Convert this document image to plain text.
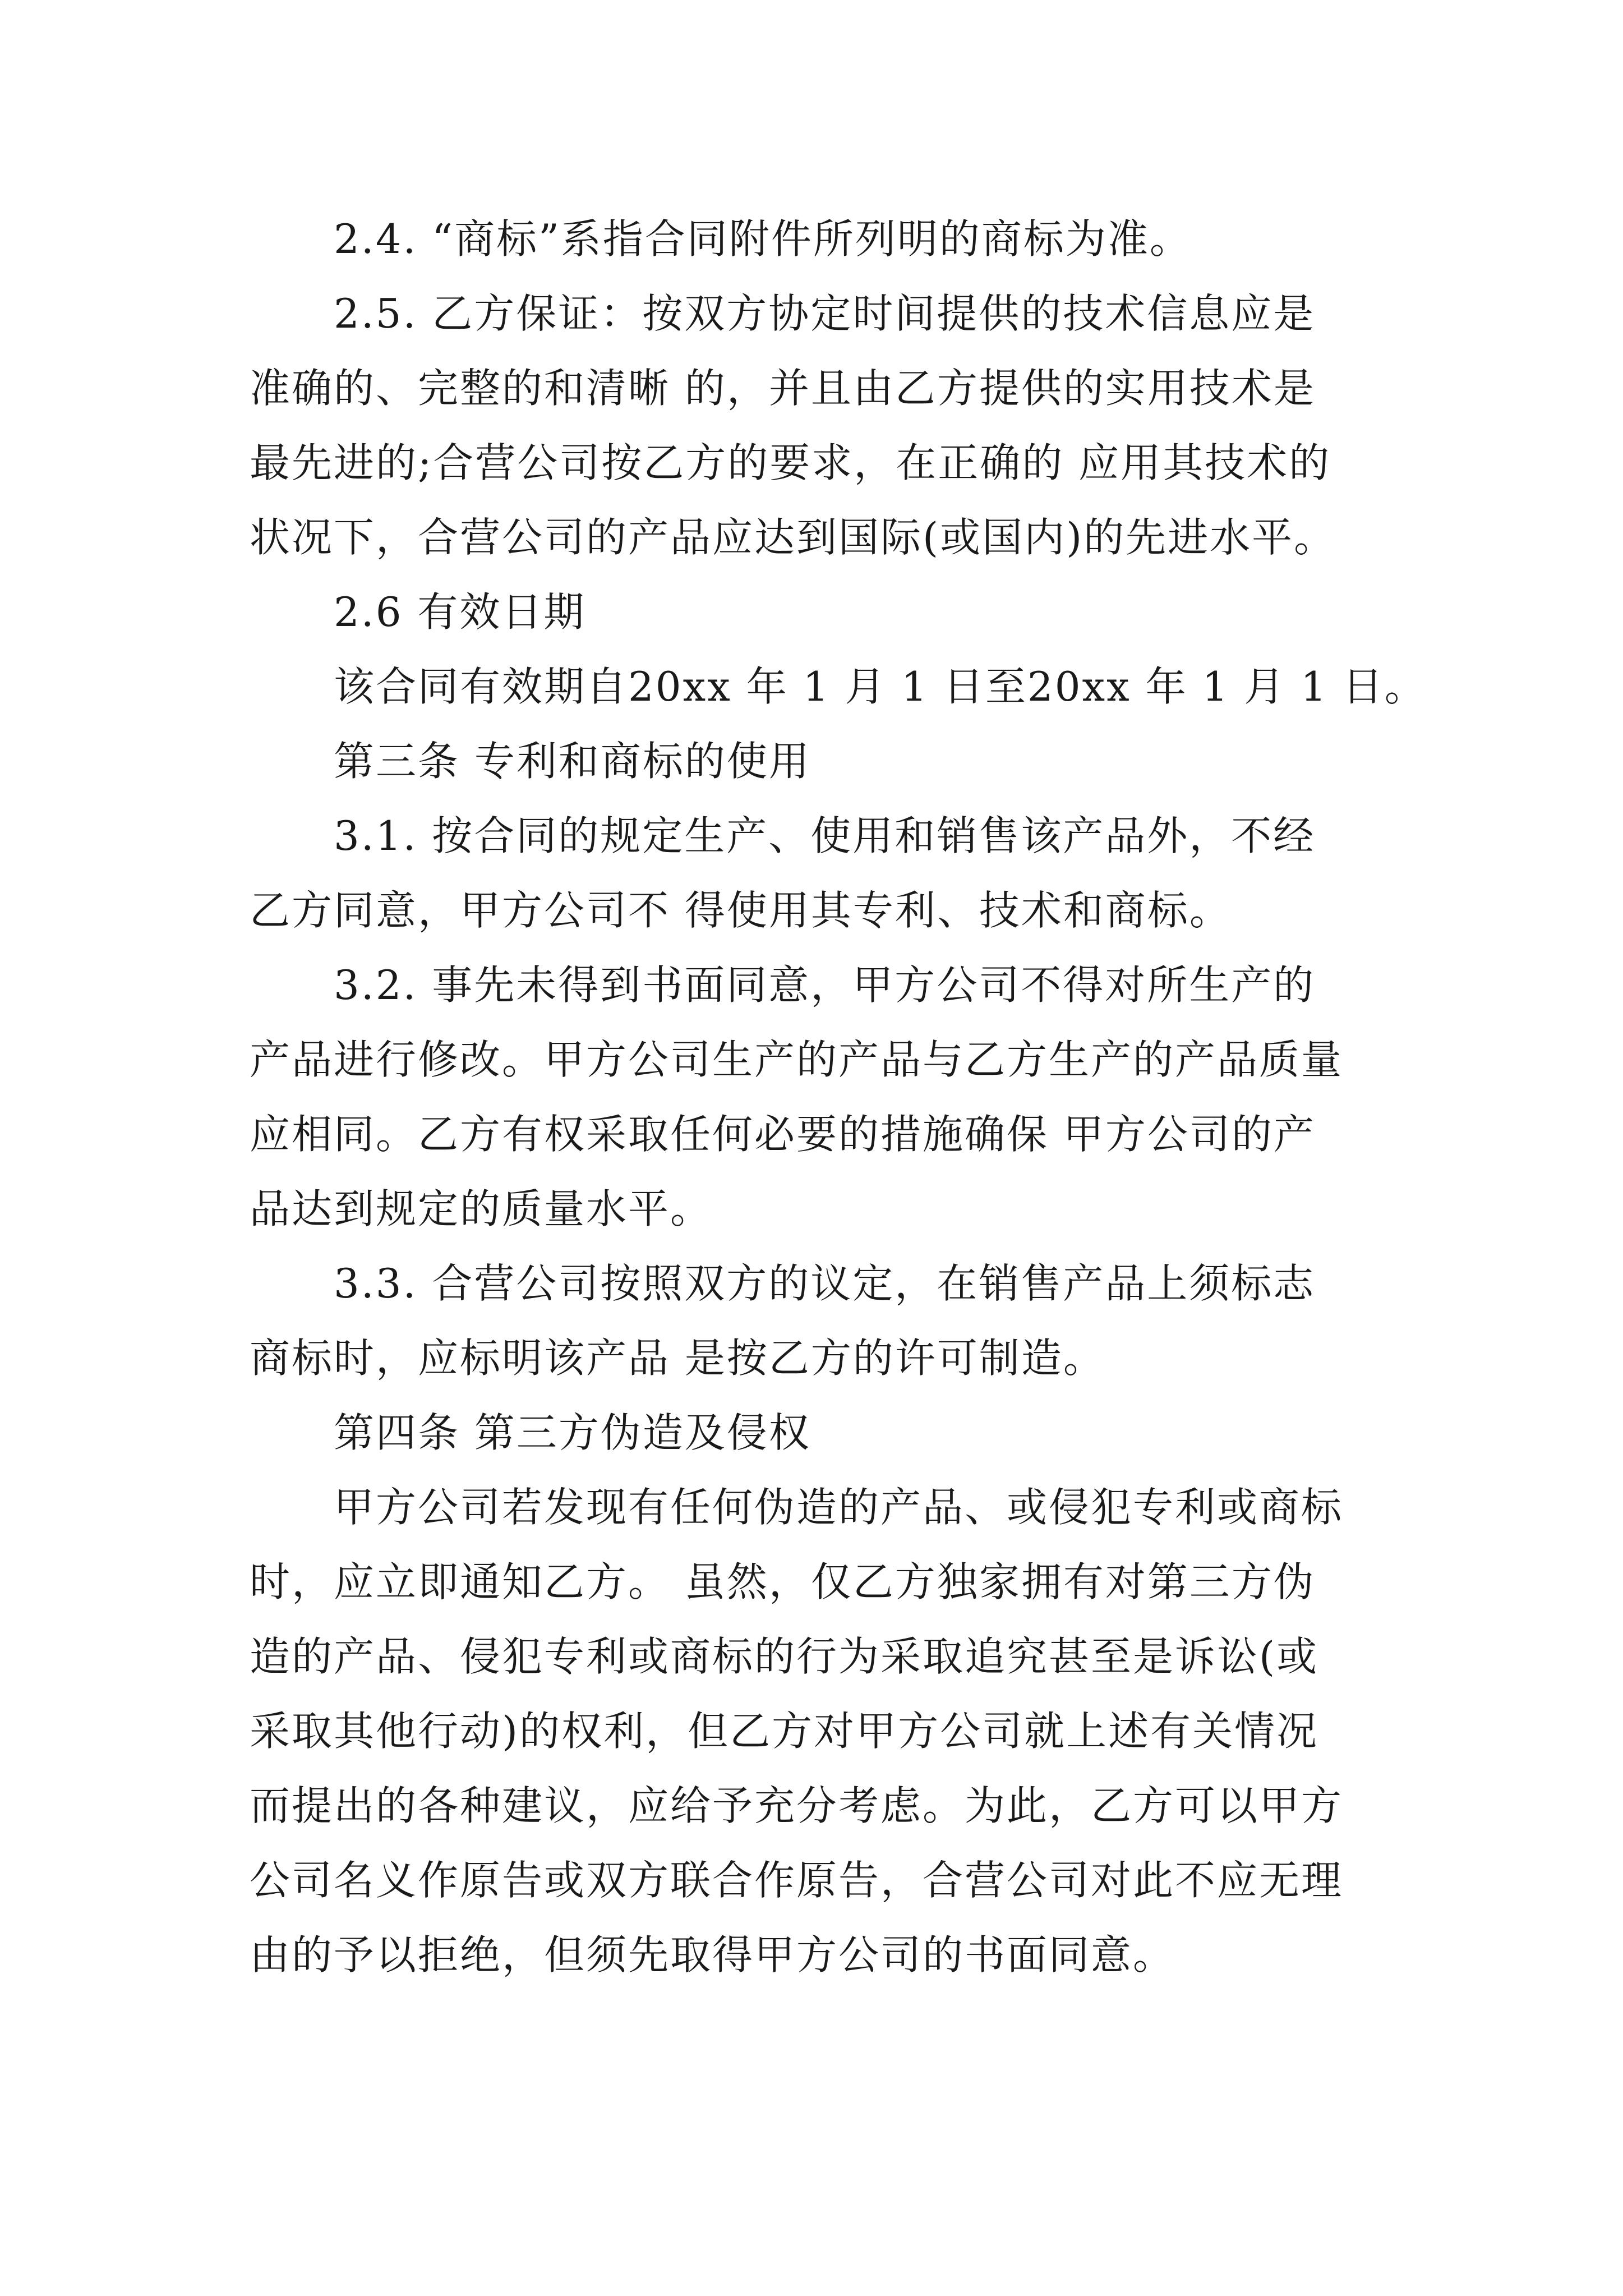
2.4. “商标”系指合同附件所列明的商标为准。
2.5. 乙方保证：按双方协定时间提供的技术信息应是
准确的、完整的和清晰 的，并且由乙方提供的实用技术是
最先进的;合营公司按乙方的要求，在正确的 应用其技术的
状况下，合营公司的产品应达到国际(或国内)的先进水平。
2.6 有效日期
该合同有效期自20xx 年 1 月 1 日至20xx 年 1 月 1 日。
第三条 专利和商标的使用
3.1. 按合同的规定生产、使用和销售该产品外，不经
乙方同意，甲方公司不 得使用其专利、技术和商标。
3.2. 事先未得到书面同意，甲方公司不得对所生产的
产品进行修改。甲方公司生产的产品与乙方生产的产品质量
应相同。乙方有权采取任何必要的措施确保 甲方公司的产
品达到规定的质量水平。
3.3. 合营公司按照双方的议定，在销售产品上须标志
商标时，应标明该产品 是按乙方的许可制造。
第四条 第三方伪造及侵权
甲方公司若发现有任何伪造的产品、或侵犯专利或商标
时，应立即通知乙方。 虽然，仅乙方独家拥有对第三方伪
造的产品、侵犯专利或商标的行为采取追究甚至是诉讼(或
采取其他行动)的权利，但乙方对甲方公司就上述有关情况
而提出的各种建议，应给予充分考虑。为此，乙方可以甲方
公司名义作原告或双方联合作原告，合营公司对此不应无理
由的予以拒绝，但须先取得甲方公司的书面同意。
